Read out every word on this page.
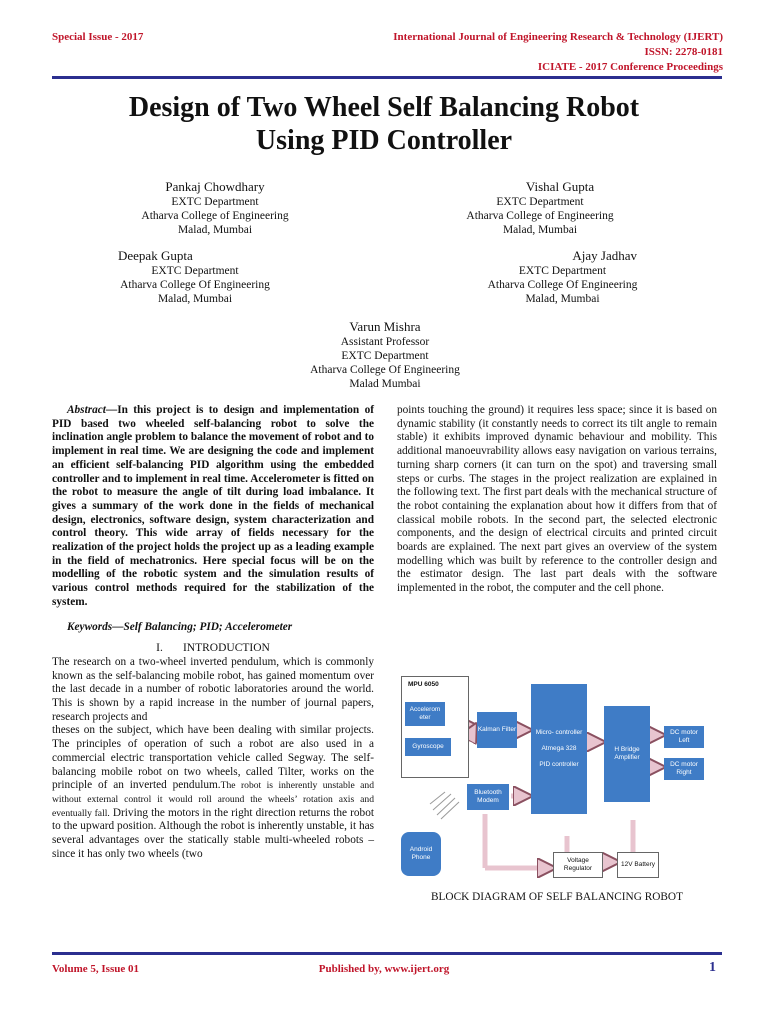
Special Issue - 2017	International Journal of Engineering Research & Technology (IJERT)
ISSN: 2278-0181
ICIATE - 2017 Conference Proceedings
Design of Two Wheel Self Balancing Robot
Using PID Controller
Pankaj Chowdhary
EXTC Department
Atharva College of Engineering
Malad, Mumbai
Vishal Gupta
EXTC Department
Atharva College of Engineering
Malad, Mumbai
Deepak Gupta
EXTC Department
Atharva College Of Engineering
Malad, Mumbai
Ajay Jadhav
EXTC Department
Atharva College Of Engineering
Malad, Mumbai
Varun Mishra
Assistant Professor
EXTC Department
Atharva College Of Engineering
Malad Mumbai

Abstract—In this project is to design and implementation of PID based two wheeled self-balancing robot to solve the inclination angle problem to balance the movement of robot and to implement in real time. We are designing the code and implement an efficient self-balancing PID algorithm using the embedded controller and to implement in real time. Accelerometer is fitted on the robot to measure the angle of tilt during load imbalance. It gives a summary of the work done in the fields of mechanical design, electronics, software design, system characterization and control theory. This wide array of fields necessary for the realization of the project holds the project up as a leading example in the field of mechatronics. Here special focus will be on the modelling of the robotic system and the simulation results of various control methods required for the stabilization of the system.

Keywords—Self Balancing; PID; Accelerometer

I.       INTRODUCTION

The research on a two-wheel inverted pendulum, which is commonly known as the self-balancing mobile robot, has gained momentum over the last decade in a number of robotic laboratories around the world. This is shown by a rapid increase in the number of journal papers, research projects and

theses on the subject, which have been dealing with similar projects. The principles of operation of such a robot are also used in a commercial electric transportation vehicle called Segway. The self-balancing mobile robot on two wheels, called Tilter, works on the principle of an inverted pendulum.The robot is inherently unstable and without external control it would roll around the wheels’ rotation axis and eventually fall. Driving the motors in the right direction returns the robot to the upward position. Although the robot is inherently unstable, it has several advantages over the statically stable multi-wheeled robots – since it has only two wheels (two

points touching the ground) it requires less space; since it is based on dynamic stability (it constantly needs to correct its tilt angle to remain stable) it exhibits improved dynamic behaviour and mobility. This additional manoeuvrability allows easy navigation on various terrains, turning sharp corners (it can turn on the spot) and traversing small steps or curbs. The stages in the project realization are explained in the following text. The first part deals with the mechanical structure of the robot containing the explanation about how it differs from that of classical mobile robots. In the second part, the selected electronic components, and the design of electrical circuits and printed circuit boards are explained. The next part gives an overview of the system modelling which was built by reference to the controller design and the estimator design. The last part deals with the software implemented in the robot, the computer and the cell phone.

MPU 6050
Accelerom eter
Gyroscope
Kalman Filter	Micro- controller
Atmega 328
PID controller
H Bridge Amplifier
DC motor Left
DC motor Right
Bluetooth Modem
Android Phone	Voltage Regulator
12V Battery
BLOCK DIAGRAM OF SELF BALANCING ROBOT
Volume 5, Issue 01	Published by, www.ijert.org	1
